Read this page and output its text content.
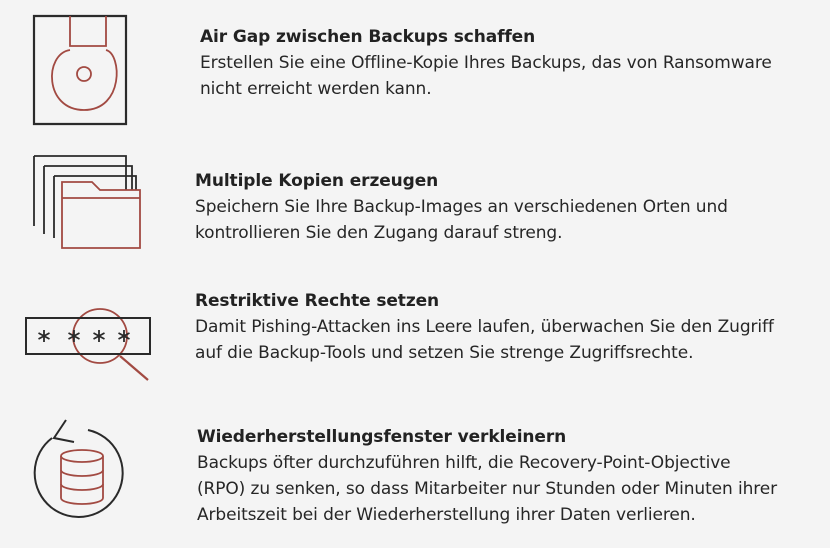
Air Gap zwischen Backups schaffen
Erstellen Sie eine Offline-Kopie Ihres Backups, das von Ransomware
nicht erreicht werden kann.
Multiple Kopien erzeugen
Speichern Sie Ihre Backup-Images an verschiedenen Orten und
kontrollieren Sie den Zugang darauf streng.
Restriktive Rechte setzen
Damit Pishing-Attacken ins Leere laufen, überwachen Sie den Zugriff
auf die Backup-Tools und setzen Sie strenge Zugriffsrechte.
Wiederherstellungsfenster verkleinern
Backups öfter durchzuführen hilft, die Recovery-Point-Objective
(RPO) zu senken, so dass Mitarbeiter nur Stunden oder Minuten ihrer
Arbeitszeit bei der Wiederherstellung ihrer Daten verlieren.
